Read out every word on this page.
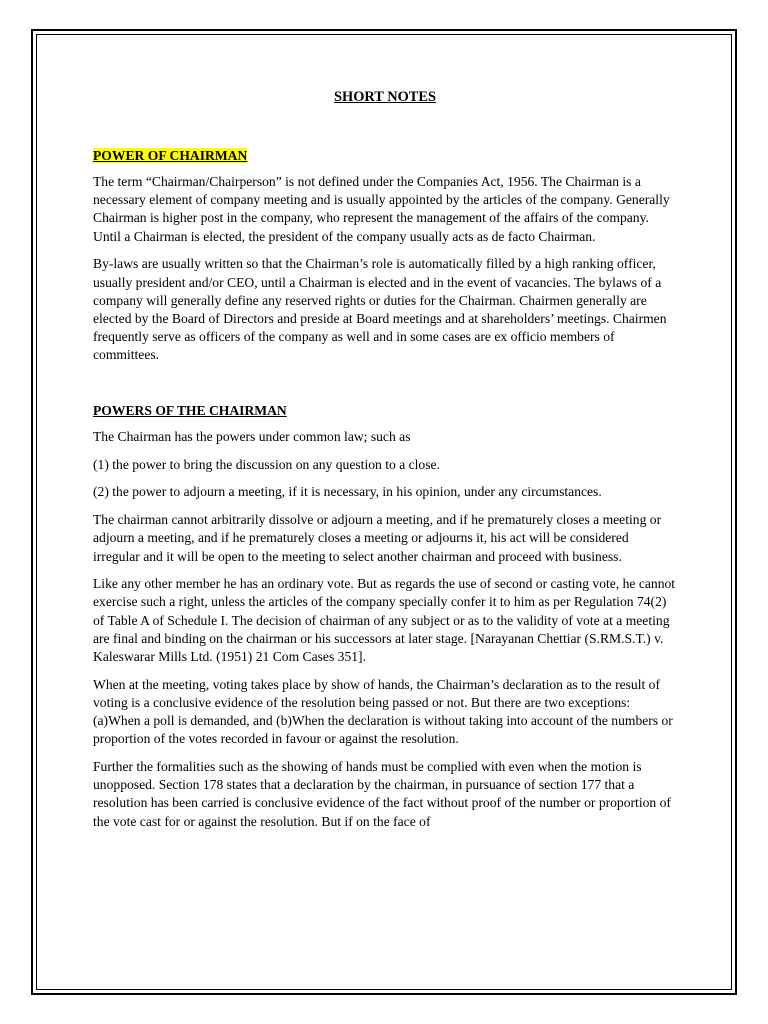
SHORT NOTES
POWER OF CHAIRMAN

The term “Chairman/Chairperson” is not defined under the Companies Act, 1956. The Chairman is a necessary element of company meeting and is usually appointed by the articles of the company. Generally Chairman is higher post in the company, who represent the management of the affairs of the company. Until a Chairman is elected, the president of the company usually acts as de facto Chairman.

By-laws are usually written so that the Chairman’s role is automatically filled by a high ranking officer, usually president and/or CEO, until a Chairman is elected and in the event of vacancies. The bylaws of a company will generally define any reserved rights or duties for the Chairman. Chairmen generally are elected by the Board of Directors and preside at Board meetings and at shareholders’ meetings. Chairmen frequently serve as officers of the company as well and in some cases are ex officio members of committees.

POWERS OF THE CHAIRMAN

The Chairman has the powers under common law; such as

(1) the power to bring the discussion on any question to a close.

(2) the power to adjourn a meeting, if it is necessary, in his opinion, under any circumstances.

The chairman cannot arbitrarily dissolve or adjourn a meeting, and if he prematurely closes a meeting or adjourn a meeting, and if he prematurely closes a meeting or adjourns it, his act will be considered irregular and it will be open to the meeting to select another chairman and proceed with business.

Like any other member he has an ordinary vote. But as regards the use of second or casting vote, he cannot exercise such a right, unless the articles of the company specially confer it to him as per Regulation 74(2) of Table A of Schedule I. The decision of chairman of any subject or as to the validity of vote at a meeting are final and binding on the chairman or his successors at later stage. [Narayanan Chettiar (S.RM.S.T.) v. Kaleswarar Mills Ltd. (1951) 21 Com Cases 351].

When at the meeting, voting takes place by show of hands, the Chairman’s declaration as to the result of voting is a conclusive evidence of the resolution being passed or not. But there are two exceptions: (a)When a poll is demanded, and (b)When the declaration is without taking into account of the numbers or proportion of the votes recorded in favour or against the resolution.

Further the formalities such as the showing of hands must be complied with even when the motion is unopposed. Section 178 states that a declaration by the chairman, in pursuance of section 177 that a resolution has been carried is conclusive evidence of the fact without proof of the number or proportion of the vote cast for or against the resolution. But if on the face of
